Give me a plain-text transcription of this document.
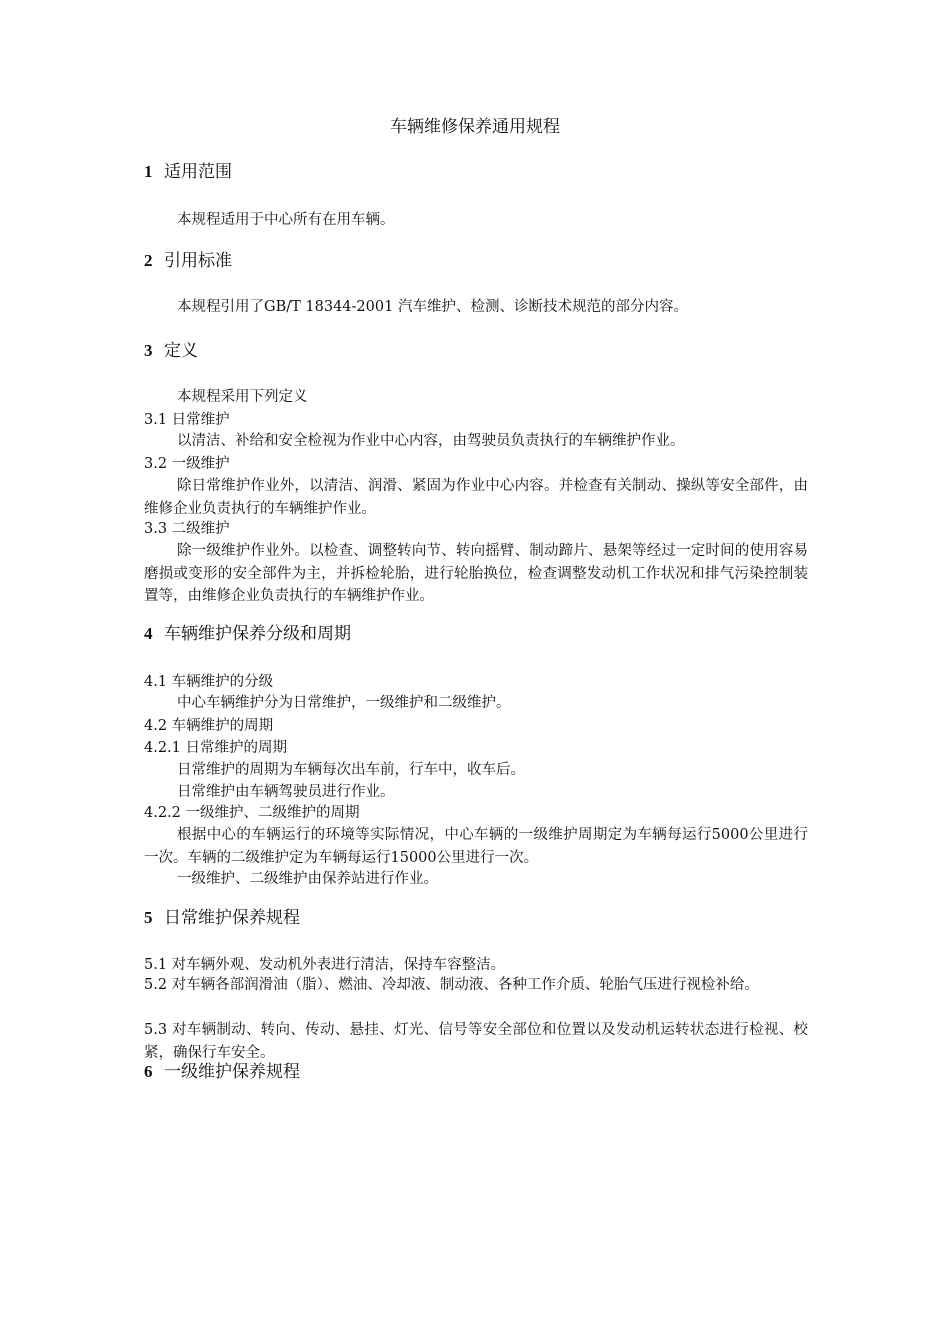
车辆维修保养通用规程
1 适用范围
本规程适用于中心所有在用车辆。
2 引用标准
本规程引用了GB/T 18344-2001 汽车维护、检测、诊断技术规范的部分内容。
3 定义
本规程采用下列定义
3.1 日常维护
以清洁、补给和安全检视为作业中心内容，由驾驶员负责执行的车辆维护作业。
3.2 一级维护
除日常维护作业外，以清洁、润滑、紧固为作业中心内容。并检查有关制动、操纵等安全部件，由维修企业负责执行的车辆维护作业。
3.3 二级维护
除一级维护作业外。以检查、调整转向节、转向摇臂、制动蹄片、悬架等经过一定时间的使用容易磨损或变形的安全部件为主，并拆检轮胎，进行轮胎换位，检查调整发动机工作状况和排气污染控制装置等，由维修企业负责执行的车辆维护作业。
4 车辆维护保养分级和周期
4.1 车辆维护的分级
中心车辆维护分为日常维护，一级维护和二级维护。
4.2 车辆维护的周期
4.2.1 日常维护的周期
日常维护的周期为车辆每次出车前，行车中，收车后。
日常维护由车辆驾驶员进行作业。
4.2.2 一级维护、二级维护的周期
根据中心的车辆运行的环境等实际情况，中心车辆的一级维护周期定为车辆每运行5000公里进行一次。车辆的二级维护定为车辆每运行15000公里进行一次。
一级维护、二级维护由保养站进行作业。
5 日常维护保养规程
5.1 对车辆外观、发动机外表进行清洁，保持车容整洁。
5.2 对车辆各部润滑油（脂）、燃油、冷却液、制动液、各种工作介质、轮胎气压进行视检补给。
5.3 对车辆制动、转向、传动、悬挂、灯光、信号等安全部位和位置以及发动机运转状态进行检视、校紧，确保行车安全。
6 一级维护保养规程
